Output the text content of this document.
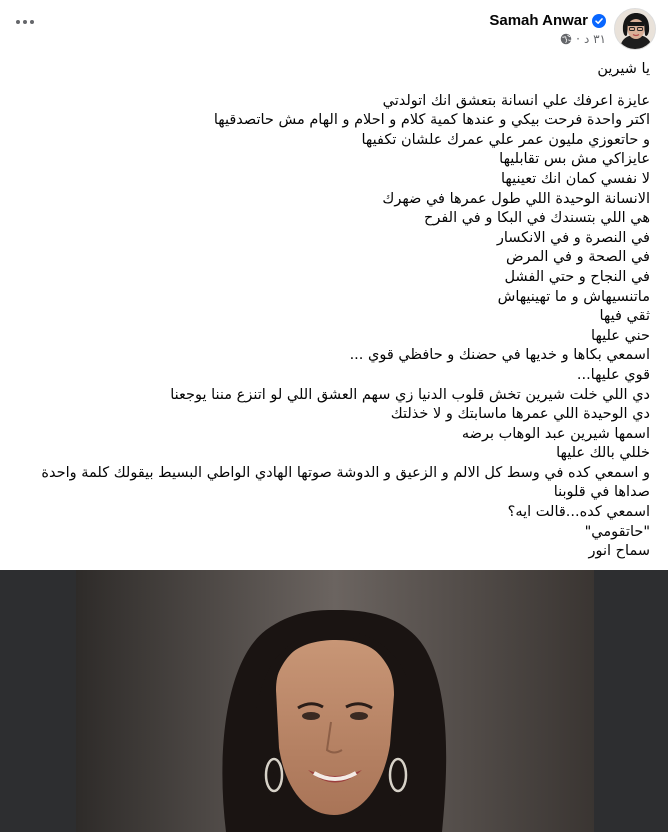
Samah Anwar
· ٣١ د
يا شيرين
عايزة اعرفك علي انسانة بتعشق انك اتولدتي
اكتر واحدة فرحت بيكي و عندها كمية كلام و احلام و الهام مش حاتصدقيها
و حاتعوزي مليون عمر علي عمرك علشان تكفيها
عايزاكي مش بس تقابليها
لا نفسي كمان انك تعينيها
الانسانة الوحيدة اللي طول عمرها في ضهرك
هي اللي بتسندك في البكا و في الفرح
في النصرة و في الانكسار
في الصحة و في المرض
في النجاح و حتي الفشل
ماتنسيهاش و ما تهينيهاش
ثقي فيها
حني عليها
اسمعي بكاها و خديها في حضنك و حافظي قوي ...
قوي عليها...
دي اللي خلت شيرين تخش قلوب الدنيا زي سهم العشق اللي لو اتنزع مننا يوجعنا
دي الوحيدة اللي عمرها ماسابتك و لا خذلتك
اسمها شيرين عبد الوهاب برضه
خللي بالك عليها
و اسمعي كده في وسط كل الالم و الزعيق و الدوشة صوتها الهادي الواطي البسيط بيقولك كلمة واحدة
صداها في قلوبنا
اسمعي كده...قالت ايه؟
"حاتقومي"
سماح انور
